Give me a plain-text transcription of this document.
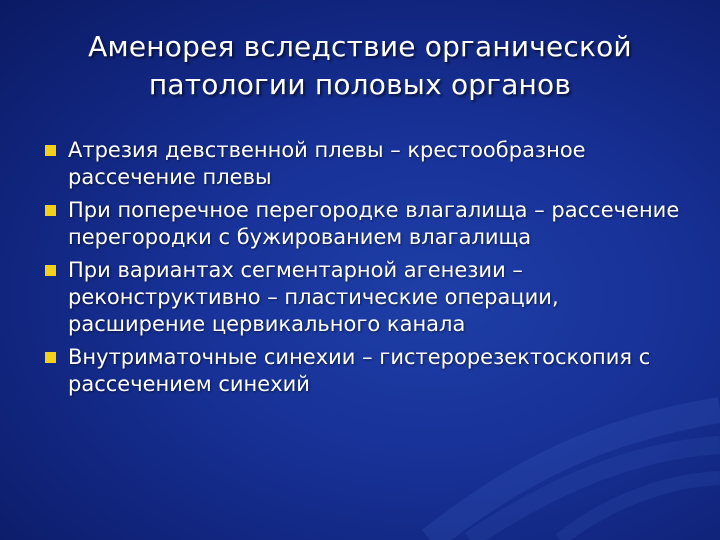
Аменорея вследствие органической патологии половых органов
Атрезия девственной плевы – крестообразное рассечение плевы
При поперечное перегородке влагалища – рассечение перегородки с бужированием влагалища
При вариантах сегментарной агенезии – реконструктивно – пластические операции, расширение цервикального канала
Внутриматочные синехии – гистерорезектоскопия с рассечением синехий
